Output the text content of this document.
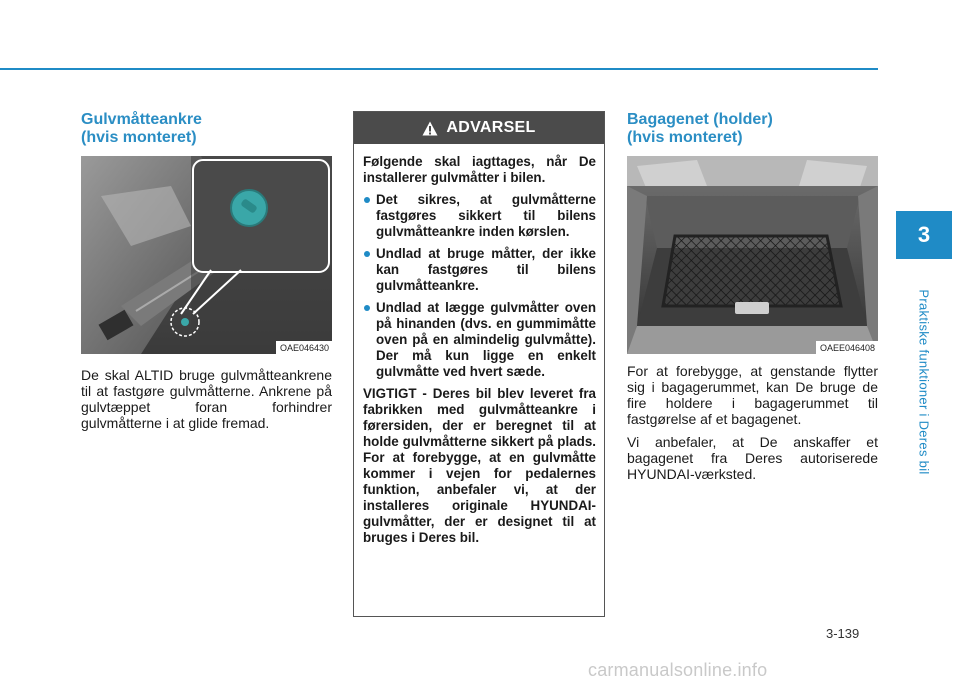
3
Praktiske funktioner i Deres bil
Gulvmåtteankre
(hvis monteret)
OAE046430

De skal ALTID bruge gulvmåtteankrene til at fastgøre gulvmåtterne. Ankrene på gulvtæppet foran forhindrer gulvmåtterne i at glide fremad.

ADVARSEL

Følgende skal iagttages, når De installerer gulvmåtter i bilen.

Det sikres, at gulvmåtterne fastgøres sikkert til bilens gulvmåtteankre inden kørslen.
Undlad at bruge måtter, der ikke kan fastgøres til bilens gulvmåtteankre.
Undlad at lægge gulvmåtter oven på hinanden (dvs. en gummimåtte oven på en almindelig gulvmåtte). Der må kun ligge en enkelt gulvmåtte ved hvert sæde.

VIGTIGT - Deres bil blev leveret fra fabrikken med gulvmåtteankre i førersiden, der er beregnet til at holde gulvmåtterne sikkert på plads. For at forebygge, at en gulvmåtte kommer i vejen for pedalernes funktion, anbefaler vi, at der installeres originale HYUNDAI-gulvmåtter, der er designet til at bruges i Deres bil.

Bagagenet (holder)
(hvis monteret)
OAEE046408

For at forebygge, at genstande flytter sig i bagagerummet, kan De bruge de fire holdere i bagagerummet til fastgørelse af et bagagenet.

Vi anbefaler, at De anskaffer et bagagenet fra Deres autoriserede HYUNDAI-værksted.

3-139
carmanualsonline.info
